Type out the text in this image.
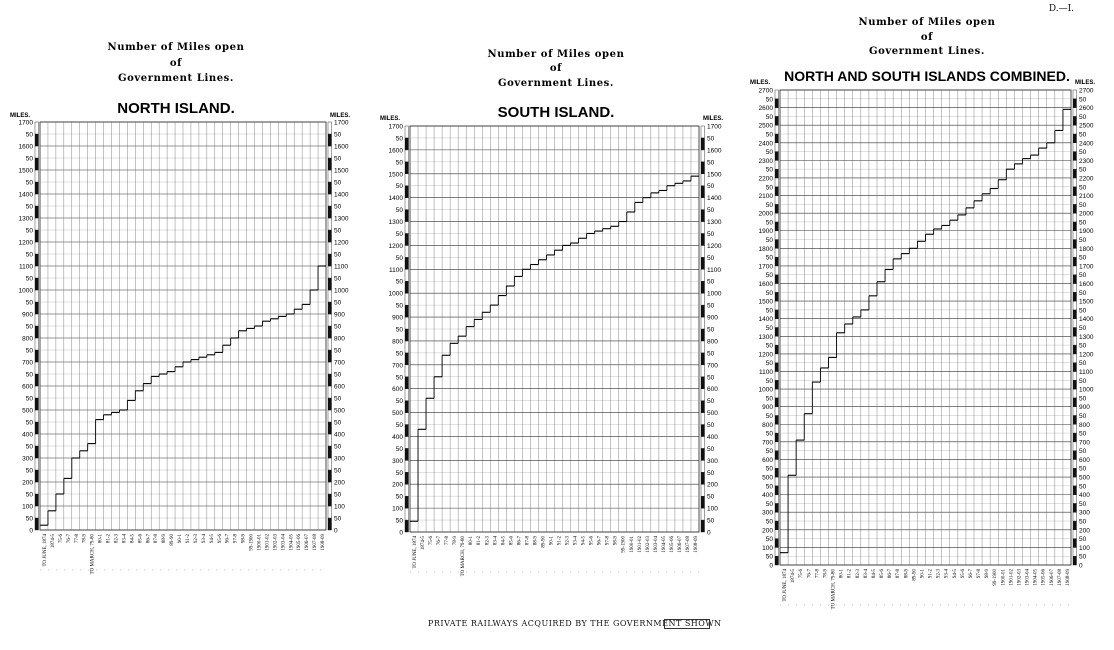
Number of Miles open
of
Government Lines.
NORTH ISLAND.
0	0
50	50
100	100
50	50
200	200
50	50
300	300
50	50
400	400
50	50
500	500
50	50
600	600
50	50
700	700
50	50
800	800
50	50
900	900
50	50
1000	1000
50	50
1100	1100
50	50
1200	1200
50	50
1300	1300
50	50
1400	1400
50	50
1500	1500
50	50
1600	1600
50	50
1700	1700
MILES.	MILES.
TO JUNE, 1874 1874-5 75-6 76-7 77-8 78-9 TO MARCH, 79-80 80-1 81-2 82-3 83-4 84-5 85-6 86-7 87-8 88-9 89-90 90-1 91-2 92-3 93-4 94-5 95-6 96-7 97-8 98-9 99-1900 1900-01 1901-02 1902-03 1903-04 1904-05 1905-06 1906-07 1907-08 1908-09
Number of Miles open
of
Government Lines.
SOUTH ISLAND.
0	0
50	50
100	100
50	50
200	200
50	50
300	300
50	50
400	400
50	50
500	500
50	50
600	600
50	50
700	700
50	50
800	800
50	50
900	900
50	50
1000	1000
50	50
1100	1100
50	50
1200	1200
50	50
1300	1300
50	50
1400	1400
50	50
1500	1500
50	50
1600	1600
50	50
1700	1700
MILES.	MILES.
TO JUNE, 1874 1874-5 75-6 76-7 77-8 78-9 TO MARCH, 79-80 80-1 81-2 82-3 83-4 84-5 85-6 86-7 87-8 88-9 89-90 90-1 91-2 92-3 93-4 94-5 95-6 96-7 97-8 98-9 99-1900 1900-01 1901-02 1902-03 1903-04 1904-05 1905-06 1906-07 1907-08 1908-09
Number of Miles open
of
Government Lines.
NORTH AND SOUTH ISLANDS COMBINED.
0	0
50	50
100	100
50	50
200	200
50	50
300	300
50	50
400	400
50	50
500	500
50	50
600	600
50	50
700	700
50	50
800	800
50	50
900	900
50	50
1000	1000
50	50
1100	1100
50	50
1200	1200
50	50
1300	1300
50	50
1400	1400
50	50
1500	1500
50	50
1600	1600
50	50
1700	1700
50	50
1800	1800
50	50
1900	1900
50	50
2000	2000
50	50
2100	2100
50	50
2200	2200
50	50
2300	2300
50	50
2400	2400
50	50
2500	2500
50	50
2600	2600
50	50
2700	2700
MILES.	MILES.
TO JUNE, 1874 1874-5 75-6 76-7 77-8 78-9 TO MARCH, 79-80 80-1 81-2 82-3 83-4 84-5 85-6 86-7 87-8 88-9 89-90 90-1 91-2 92-3 93-4 94-5 95-6 96-7 97-8 98-9 99-1900 1900-01 1901-02 1902-03 1903-04 1904-05 1905-06 1906-07 1907-08 1908-09
D.—I.
PRIVATE RAILWAYS ACQUIRED BY THE GOVERNMENT SHOWN
